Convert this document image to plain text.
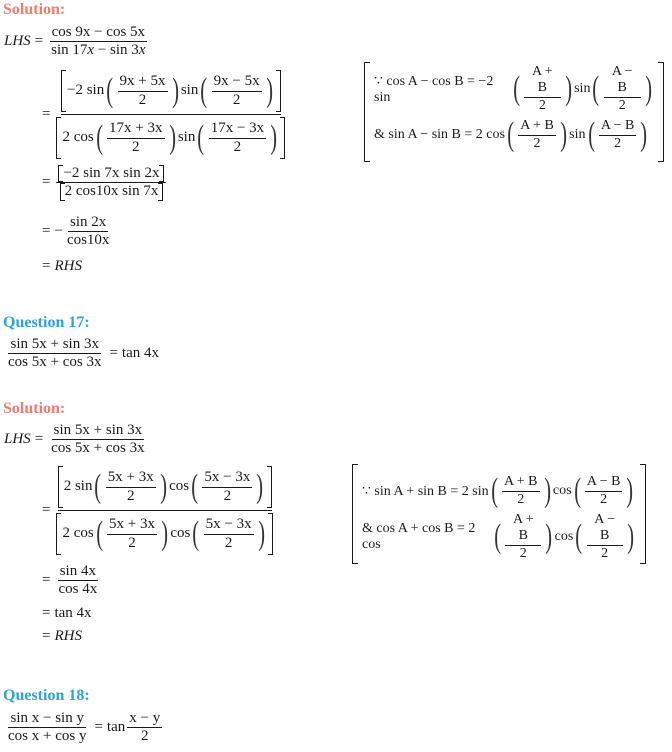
Solution:
LHS = $\frac{\cos 9x - \cos 5x}{\sin 17x - \sin 3x}$
=
−2 sin ( $\frac{9x + 5x}{2}$ ) sin ( $\frac{9x - 5x}{2}$ )
2 cos ( $\frac{17x + 3x}{2}$ ) sin ( $\frac{17x - 3x}{2}$ )
∵ cos A − cos B = −2 sin	( $\frac{A + B}{2}$ ) sin ( $\frac{A - B}{2}$ )
& sin A − sin B = 2 cos ( $\frac{A + B}{2}$ ) sin ( $\frac{A - B}{2}$ )
= $\frac{\text{−2 sin 7x sin 2x}}{\text{2 cos10x sin 7x}}$
= − $\frac{\sin 2x}{\cos 10x}$
= RHS
Question 17:
$\frac{\sin 5x + \sin 3x}{\cos 5x + \cos 3x} = \tan 4x$
Solution:
LHS = $\frac{\sin 5x + \sin 3x}{\cos 5x + \cos 3x}$
=
2 sin ( $\frac{5x + 3x}{2}$ ) cos ( $\frac{5x - 3x}{2}$ )
2 cos ( $\frac{5x + 3x}{2}$ ) cos ( $\frac{5x - 3x}{2}$ )
∵ sin A + sin B = 2 sin ( $\frac{A + B}{2}$ ) cos ( $\frac{A - B}{2}$ )
& cos A + cos B = 2 cos	( $\frac{A + B}{2}$ ) cos ( $\frac{A - B}{2}$ )
= $\frac{\sin 4x}{\cos 4x}$
= tan 4x
= RHS
Question 18:
$\frac{\text{sin x − sin y}}{\text{cos x + cos y}} = \tan \frac{x - y}{2}$
